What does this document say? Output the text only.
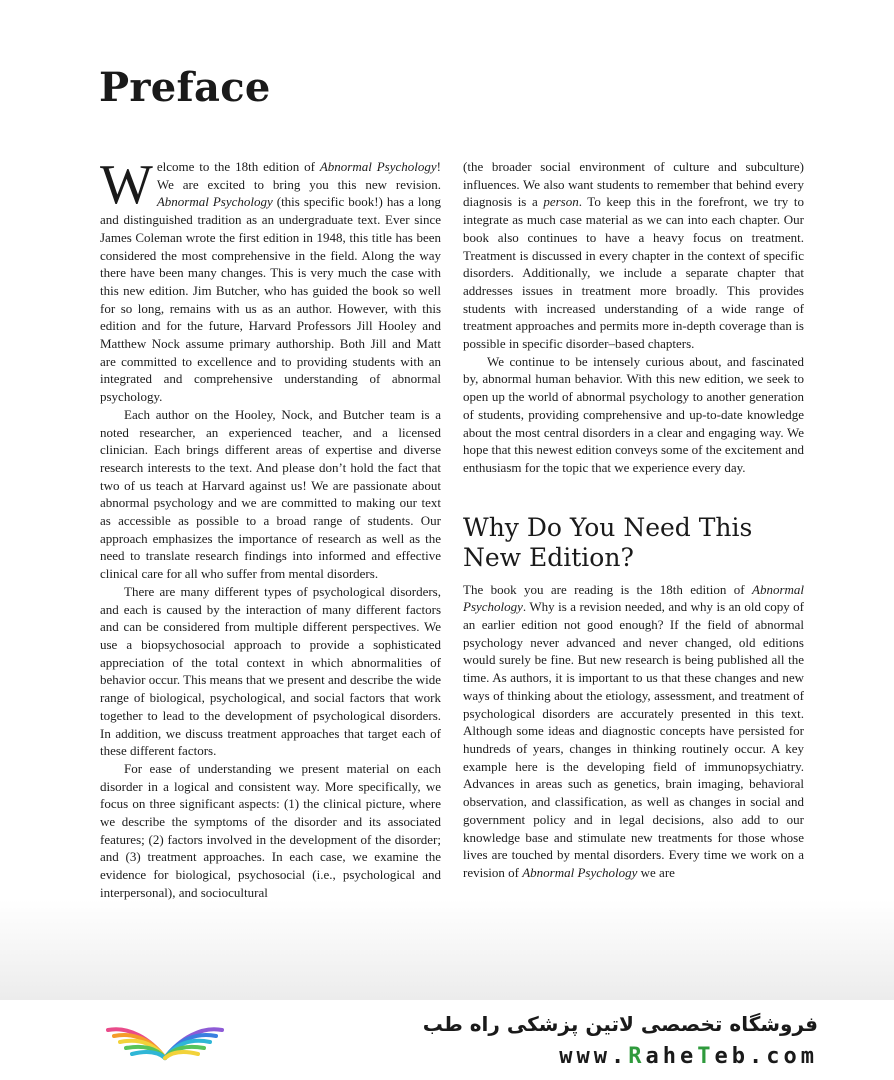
Preface

Welcome to the 18th edition of Abnormal Psychology! We are excited to bring you this new revision. Abnormal Psychology (this specific book!) has a long and distinguished tradition as an undergraduate text. Ever since James Coleman wrote the first edition in 1948, this title has been considered the most comprehensive in the field. Along the way there have been many changes. This is very much the case with this new edition. Jim Butcher, who has guided the book so well for so long, remains with us as an author. However, with this edition and for the future, Harvard Professors Jill Hooley and Matthew Nock assume primary authorship. Both Jill and Matt are committed to excellence and to providing students with an integrated and comprehensive understanding of abnormal psychology.

Each author on the Hooley, Nock, and Butcher team is a noted researcher, an experienced teacher, and a licensed clinician. Each brings different areas of expertise and diverse research interests to the text. And please don’t hold the fact that two of us teach at Harvard against us! We are passionate about abnormal psychology and we are committed to making our text as accessible as possible to a broad range of students. Our approach emphasizes the importance of research as well as the need to translate research findings into informed and effective clinical care for all who suffer from mental disorders.

There are many different types of psychological disorders, and each is caused by the interaction of many different factors and can be considered from multiple different perspectives. We use a biopsychosocial approach to provide a sophisticated appreciation of the total context in which abnormalities of behavior occur. This means that we present and describe the wide range of biological, psychological, and social factors that work together to lead to the development of psychological disorders. In addition, we discuss treatment approaches that target each of these different factors.

For ease of understanding we present material on each disorder in a logical and consistent way. More specifically, we focus on three significant aspects: (1) the clinical picture, where we describe the symptoms of the disorder and its associated features; (2) factors involved in the development of the disorder; and (3) treatment approaches. In each case, we examine the evidence for biological, psychosocial (i.e., psychological and interpersonal), and sociocultural

(the broader social environment of culture and subculture) influences. We also want students to remember that behind every diagnosis is a person. To keep this in the forefront, we try to integrate as much case material as we can into each chapter. Our book also continues to have a heavy focus on treatment. Treatment is discussed in every chapter in the context of specific disorders. Additionally, we include a separate chapter that addresses issues in treatment more broadly. This provides students with increased understanding of a wide range of treatment approaches and permits more in-depth coverage than is possible in specific disorder–based chapters.

We continue to be intensely curious about, and fascinated by, abnormal human behavior. With this new edition, we seek to open up the world of abnormal psychology to another generation of students, providing comprehensive and up-to-date knowledge about the most central disorders in a clear and engaging way. We hope that this newest edition conveys some of the excitement and enthusiasm for the topic that we experience every day.

Why Do You Need This
New Edition?

The book you are reading is the 18th edition of Abnormal Psychology. Why is a revision needed, and why is an old copy of an earlier edition not good enough? If the field of abnormal psychology never advanced and never changed, old editions would surely be fine. But new research is being published all the time. As authors, it is important to us that these changes and new ways of thinking about the etiology, assessment, and treatment of psychological disorders are accurately presented in this text. Although some ideas and diagnostic concepts have persisted for hundreds of years, changes in thinking routinely occur. A key example here is the developing field of immunopsychiatry. Advances in areas such as genetics, brain imaging, behavioral observation, and classification, as well as changes in social and government policy and in legal decisions, also add to our knowledge base and stimulate new treatments for those whose lives are touched by mental disorders. Every time we work on a revision of Abnormal Psychology we are

فروشگاه تخصصی لاتین پزشکی راه طب
www.RaheTeb.com
